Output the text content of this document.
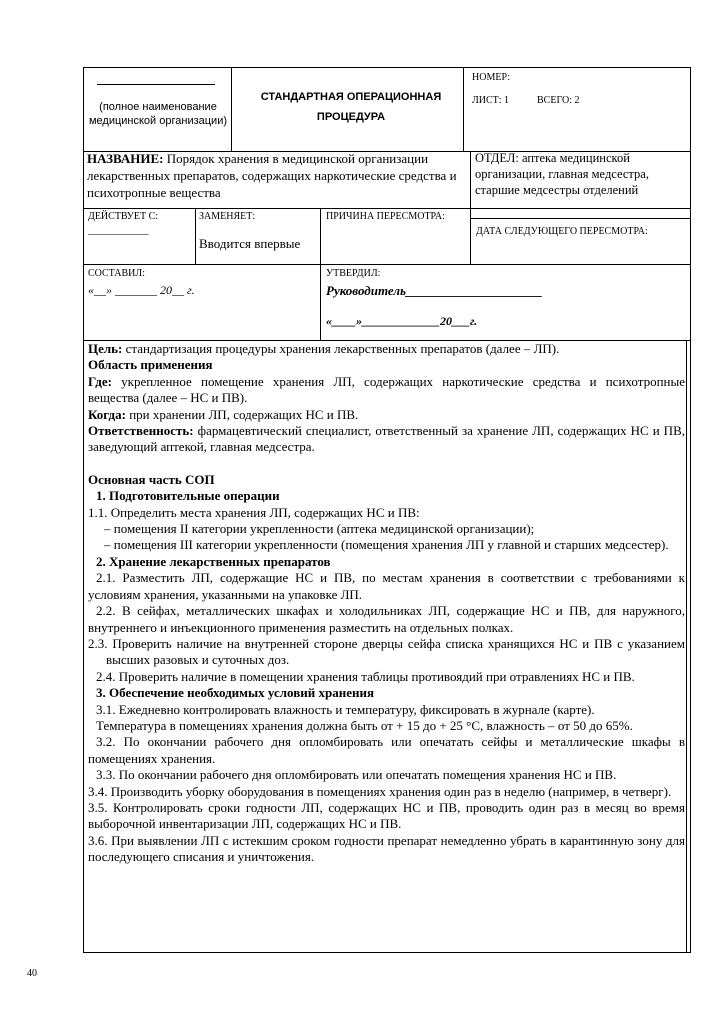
(полное наименование медицинской организации)
СТАНДАРТНАЯ ОПЕРАЦИОННАЯ ПРОЦЕДУРА
НОМЕР:
ЛИСТ: 1	ВСЕГО: 2
НАЗВАНИЕ: Порядок хранения в медицинской организации лекарственных препаратов, содержащих наркотические средства и психотропные вещества
ОТДЕЛ: аптека медицинской организации, главная медсестра, старшие медсестры отделений
ДЕЙСТВУЕТ С:
___________
ЗАМЕНЯЕТ:
Вводится впервые
ПРИЧИНА ПЕРЕСМОТРА:
ДАТА СЛЕДУЮЩЕГО ПЕРЕСМОТРА:
СОСТАВИЛ:
«__» _______ 20__ г.
УТВЕРДИЛ:
Руководитель_____________________
«____»_____________20___г.

Цель: стандартизация процедуры хранения лекарственных препаратов (далее – ЛП).

Область применения

Где: укрепленное помещение хранения ЛП, содержащих наркотические средства и психотропные вещества (далее – НС и ПВ).

Когда: при хранении ЛП, содержащих НС и ПВ.

Ответственность: фармацевтический специалист, ответственный за хранение ЛП, содержащих НС и ПВ, заведующий аптекой, главная медсестра.

Основная часть СОП

1. Подготовительные операции

1.1. Определить места хранения ЛП, содержащих НС и ПВ:

– помещения II категории укрепленности (аптека медицинской организации);

– помещения III категории укрепленности (помещения хранения ЛП у главной и старших медсестер).

2. Хранение лекарственных препаратов

2.1. Разместить ЛП, содержащие НС и ПВ, по местам хранения в соответствии с требованиями к условиям хранения, указанными на упаковке ЛП.

2.2. В сейфах, металлических шкафах и холодильниках ЛП, содержащие НС и ПВ, для наружного, внутреннего и инъекционного применения разместить на отдельных полках.

2.3. Проверить наличие на внутренней стороне дверцы сейфа списка хранящихся НС и ПВ с указанием высших разовых и суточных доз.

2.4. Проверить наличие в помещении хранения таблицы противоядий при отравлениях НС и ПВ.

3. Обеспечение необходимых условий хранения

3.1. Ежедневно контролировать влажность и температуру, фиксировать в журнале (карте).

Температура в помещениях хранения должна быть от + 15 до + 25 °С, влажность – от 50 до 65%.

3.2. По окончании рабочего дня опломбировать или опечатать сейфы и металлические шкафы в помещениях хранения.

3.3. По окончании рабочего дня опломбировать или опечатать помещения хранения НС и ПВ.

3.4. Производить уборку оборудования в помещениях хранения один раз в неделю (например, в четверг).

3.5. Контролировать сроки годности ЛП, содержащих НС и ПВ, проводить один раз в месяц во время выборочной инвентаризации ЛП, содержащих НС и ПВ.

3.6. При выявлении ЛП с истекшим сроком годности препарат немедленно убрать в карантинную зону для последующего списания и уничтожения.

40
